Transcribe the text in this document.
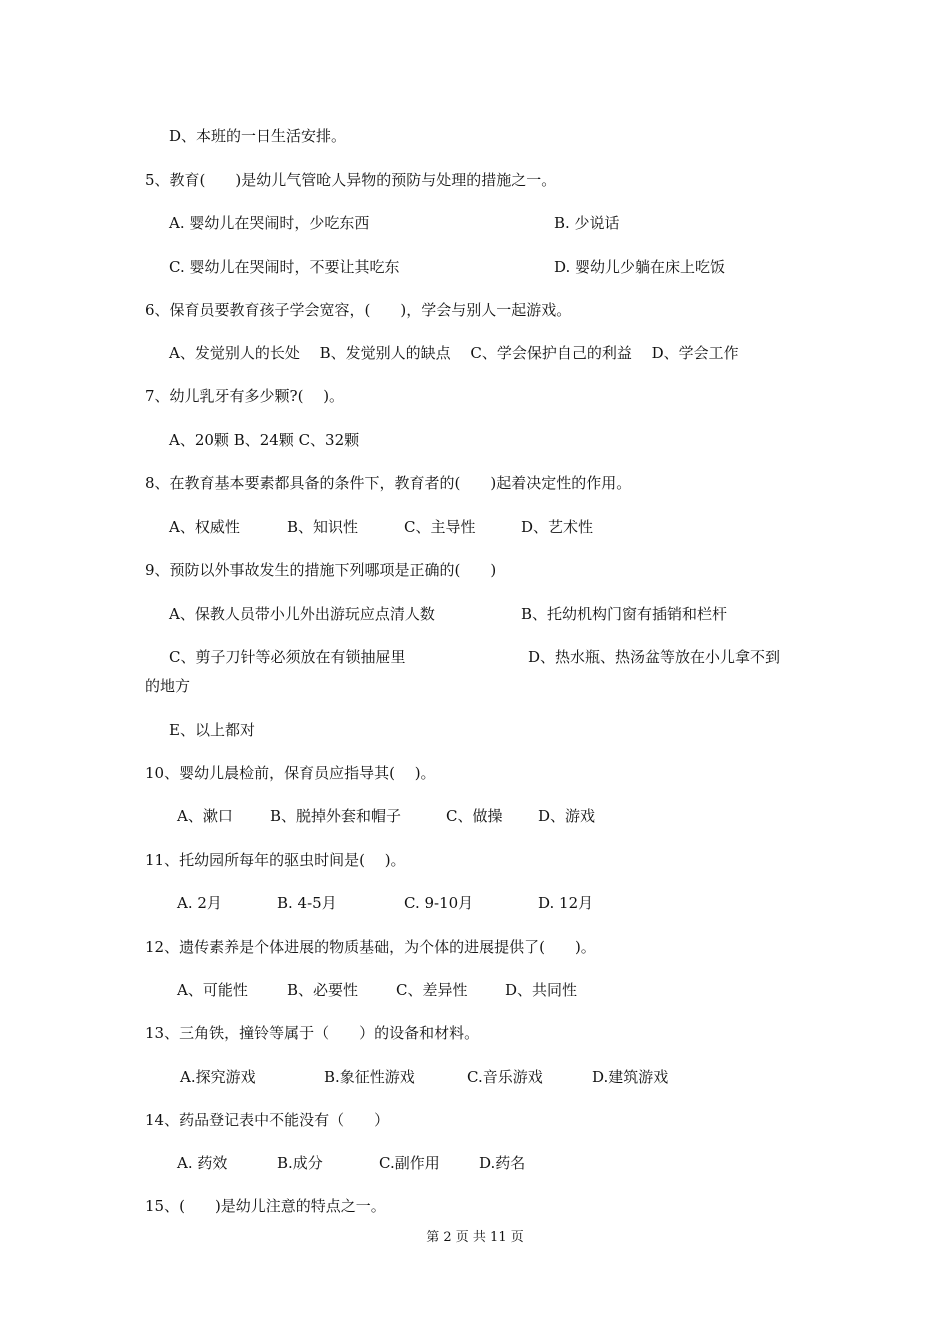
D、本班的一日生活安排。
5、教育(　　)是幼儿气管呛人异物的预防与处理的措施之一。
A. 婴幼儿在哭闹时，少吃东西	B. 少说话
C. 婴幼儿在哭闹时，不要让其吃东	D. 婴幼儿少躺在床上吃饭
6、保育员要教育孩子学会宽容，(　　)，学会与别人一起游戏。
A、发觉别人的长处　 B、发觉别人的缺点　 C、学会保护自己的利益　 D、学会工作
7、幼儿乳牙有多少颗?(　 )。
A、20颗 B、24颗 C、32颗
8、在教育基本要素都具备的条件下，教育者的(　　)起着决定性的作用。
A、权威性	B、知识性	C、主导性	D、艺术性
9、预防以外事故发生的措施下列哪项是正确的(　　)
A、保教人员带小儿外出游玩应点清人数	B、托幼机构门窗有插销和栏杆
C、剪子刀针等必须放在有锁抽屉里	D、热水瓶、热汤盆等放在小儿拿不到
的地方
E、以上都对
10、婴幼儿晨检前，保育员应指导其(　 )。
A、漱口 B、脱掉外套和帽子	C、做操 D、游戏
11、托幼园所每年的驱虫时间是(　 )。
A. 2月	B. 4-5月	C. 9-10月	D. 12月
12、遗传素养是个体进展的物质基础，为个体的进展提供了(　　)。
A、可能性	B、必要性	C、差异性	D、共同性
13、三角铁，撞铃等属于（　　）的设备和材料。
A.探究游戏	B.象征性游戏	C.音乐游戏	D.建筑游戏
14、药品登记表中不能没有（　　）
A. 药效	B.成分	C.副作用	D.药名
15、(　　)是幼儿注意的特点之一。
第 2 页 共 11 页
